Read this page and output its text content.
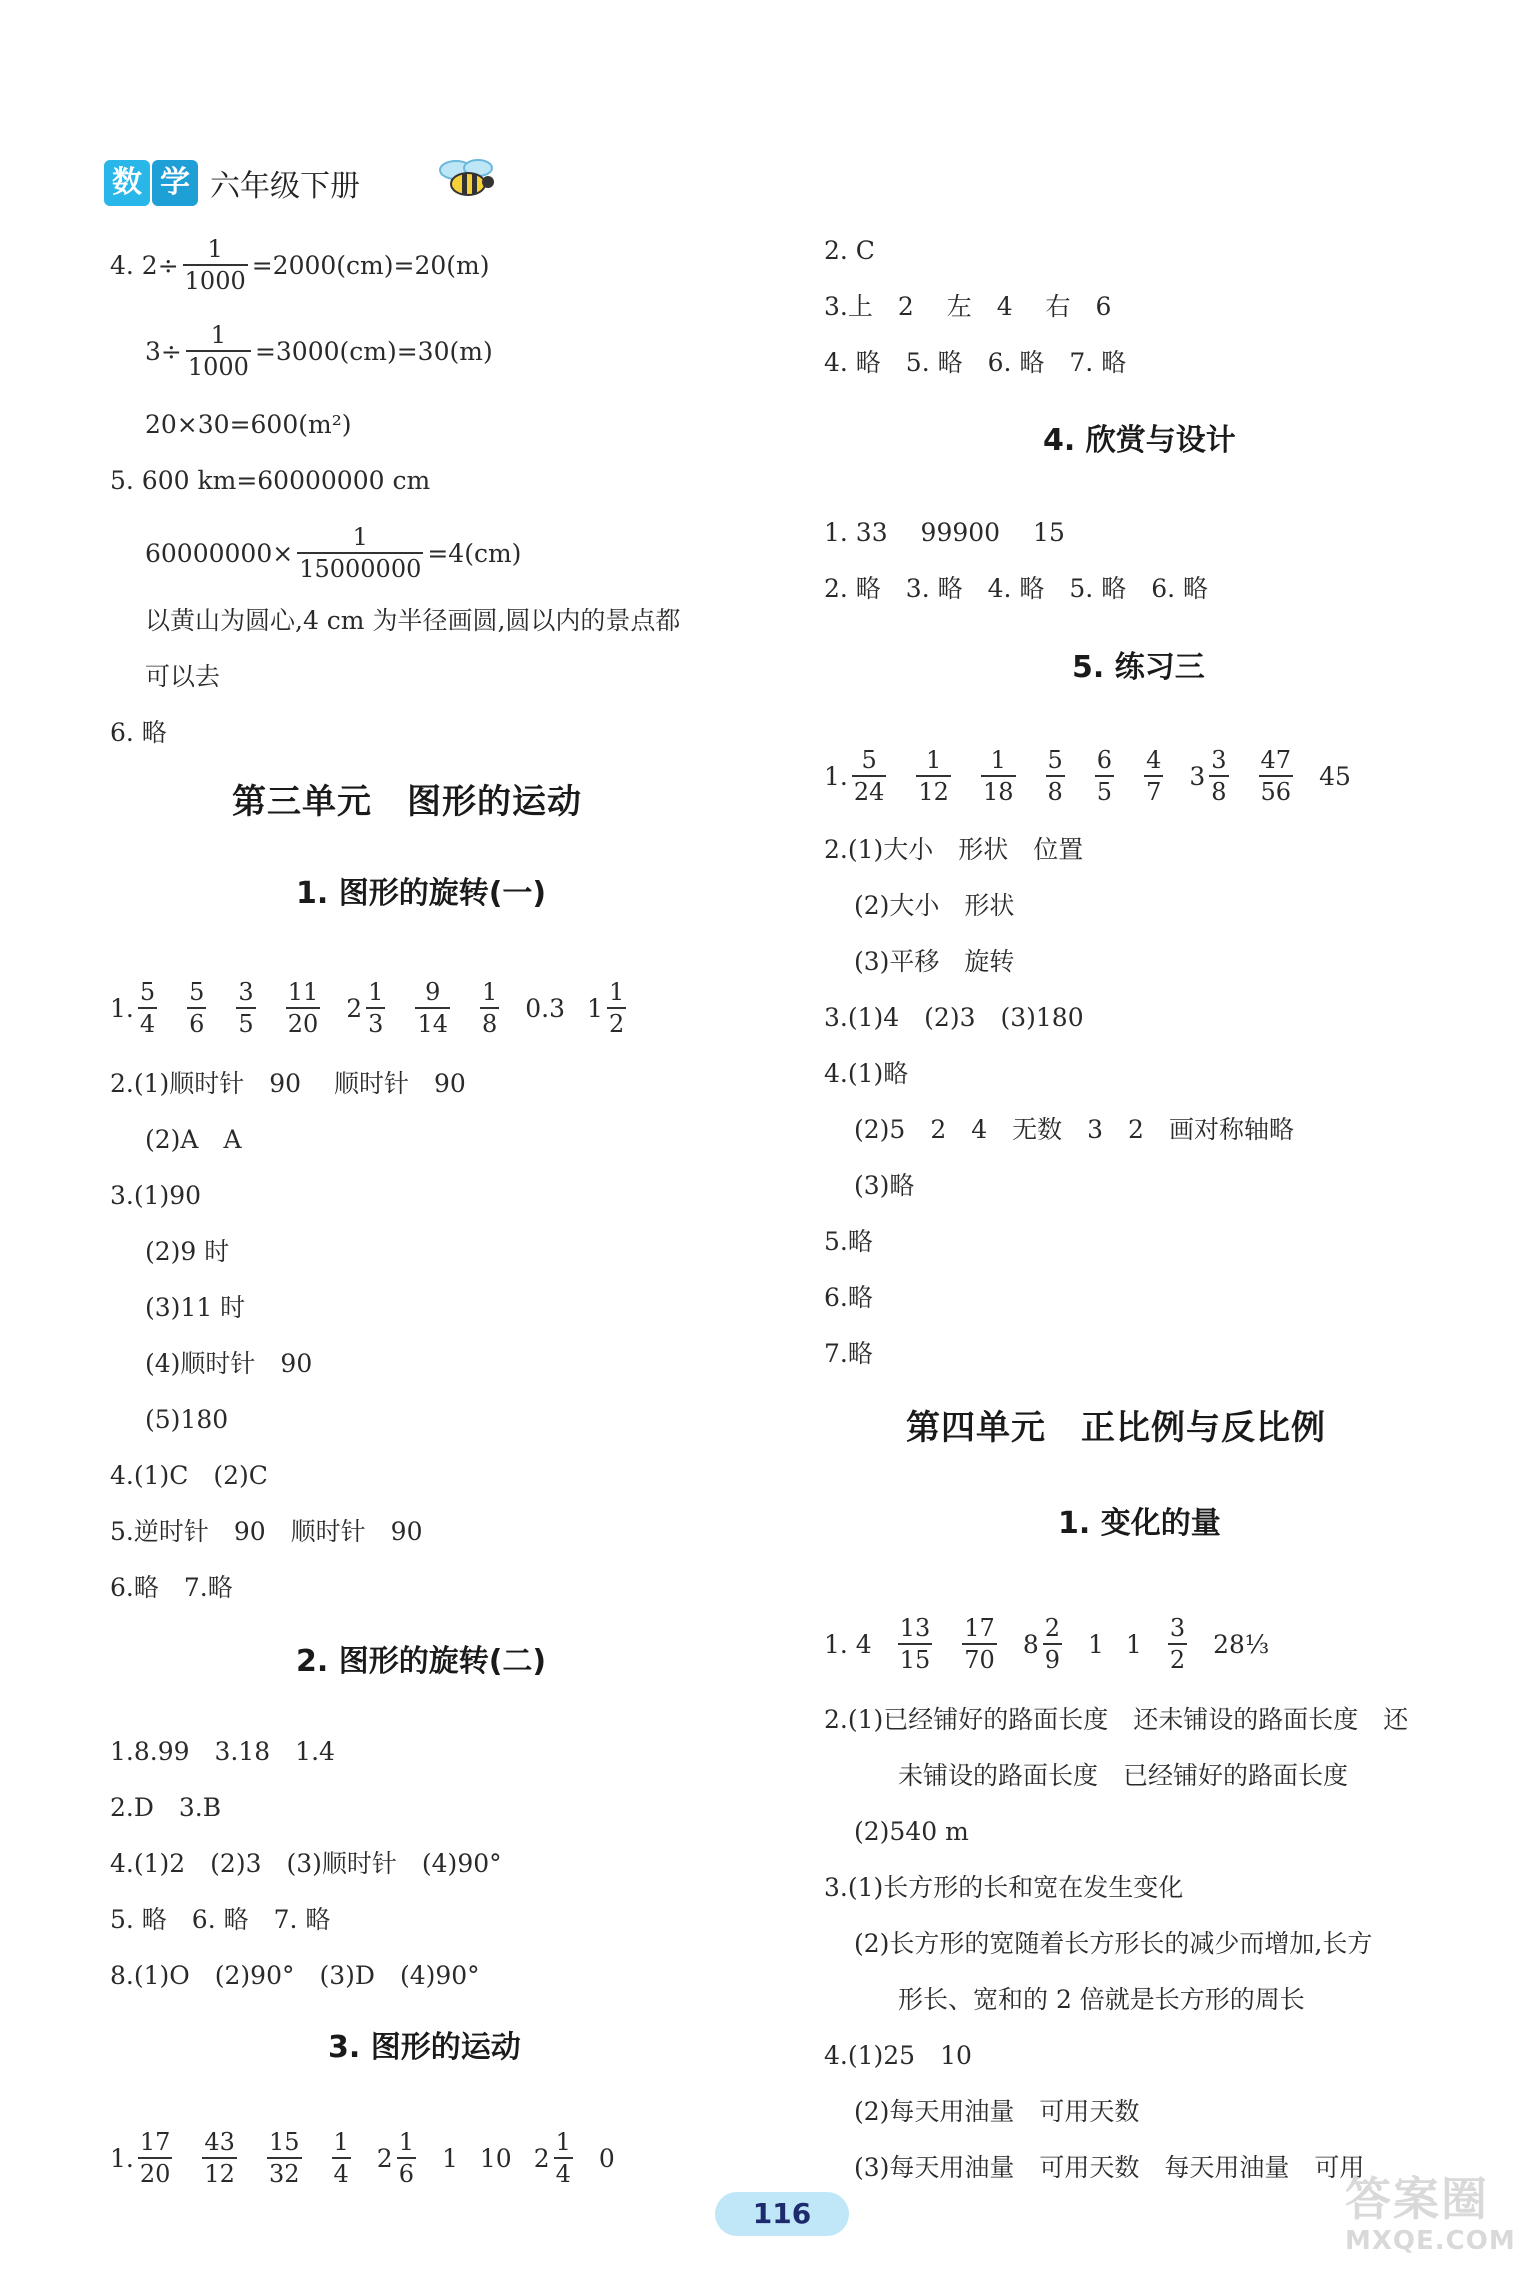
数 学 六年级下册
4. $2\div \frac{1}{1000} =2000(cm)=20(m)$
$3\div \frac{1}{1000} =3000(cm)=30(m)$
20×30=600(m²)
5. 600 km=60000000 cm
$60000000\times \frac{1}{15000000} =4(cm)$
以黄山为圆心,4 cm 为半径画圆,圆以内的景点都
可以去
6. 略
第三单元　图形的运动
1. 图形的旋转(一)
1. $\frac{5}{4} \frac{5}{6} \frac{3}{5} \frac{11}{20} 2 \frac{1}{3} \frac{9}{14} \frac{1}{8} 0.3$ $1 \frac{1}{2}$
2.(1)顺时针　90　 顺时针　90
(2)A　A
3.(1)90
(2)9 时
(3)11 时
(4)顺时针　90
(5)180
4.(1)C　(2)C
5.逆时针　90　顺时针　90
6.略　7.略
2. 图形的旋转(二)
1.8.99　3.18　1.4
2.D　3.B
4.(1)2　(2)3　(3)顺时针　(4)90°
5. 略　6. 略　7. 略
8.(1)O　(2)90°　(3)D　(4)90°
3. 图形的运动
1. $\frac{17}{20} \frac{43}{12} \frac{15}{32} \frac{1}{4} 2 \frac{1}{6} 1$ 10 $2 \frac{1}{4} 0$
2. C
3.上　2　 左　4　 右　6
4. 略　5. 略　6. 略　7. 略
4. 欣赏与设计
1. 33　 99900　 15
2. 略　3. 略　4. 略　5. 略　6. 略
5. 练习三
1. $\frac{5}{24} \frac{1}{12} \frac{1}{18} \frac{5}{8} \frac{6}{5} \frac{4}{7} 3 \frac{3}{8} \frac{47}{56} 45$
2.(1)大小　形状　位置
(2)大小　形状
(3)平移　旋转
3.(1)4　(2)3　(3)180
4.(1)略
(2)5　2　4　无数　3　2　画对称轴略
(3)略
5.略
6.略
7.略
第四单元　正比例与反比例
1. 变化的量
1. $4 \frac{13}{15} \frac{17}{70} 8 \frac{2}{9} 1$ $1 \frac{3}{2}$ 28⅓
2.(1)已经铺好的路面长度　还未铺设的路面长度　还
未铺设的路面长度　已经铺好的路面长度
(2)540 m
3.(1)长方形的长和宽在发生变化
(2)长方形的宽随着长方形长的减少而增加,长方
形长、宽和的 2 倍就是长方形的周长
4.(1)25　10
(2)每天用油量　可用天数
(3)每天用油量　可用天数　每天用油量　可用
116	答案圈
MXQE.COM
